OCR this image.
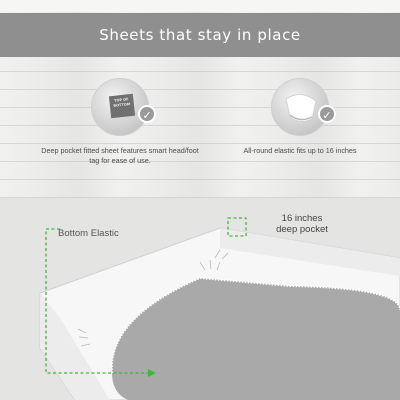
Sheets that stay in place
TOP OF
BOTTOM
✓
Deep pocket fitted sheet features smart head/foot tag for ease of use.
✓
All-round elastic fits up to 16 inches
Bottom Elastic
16 inches
deep pocket
